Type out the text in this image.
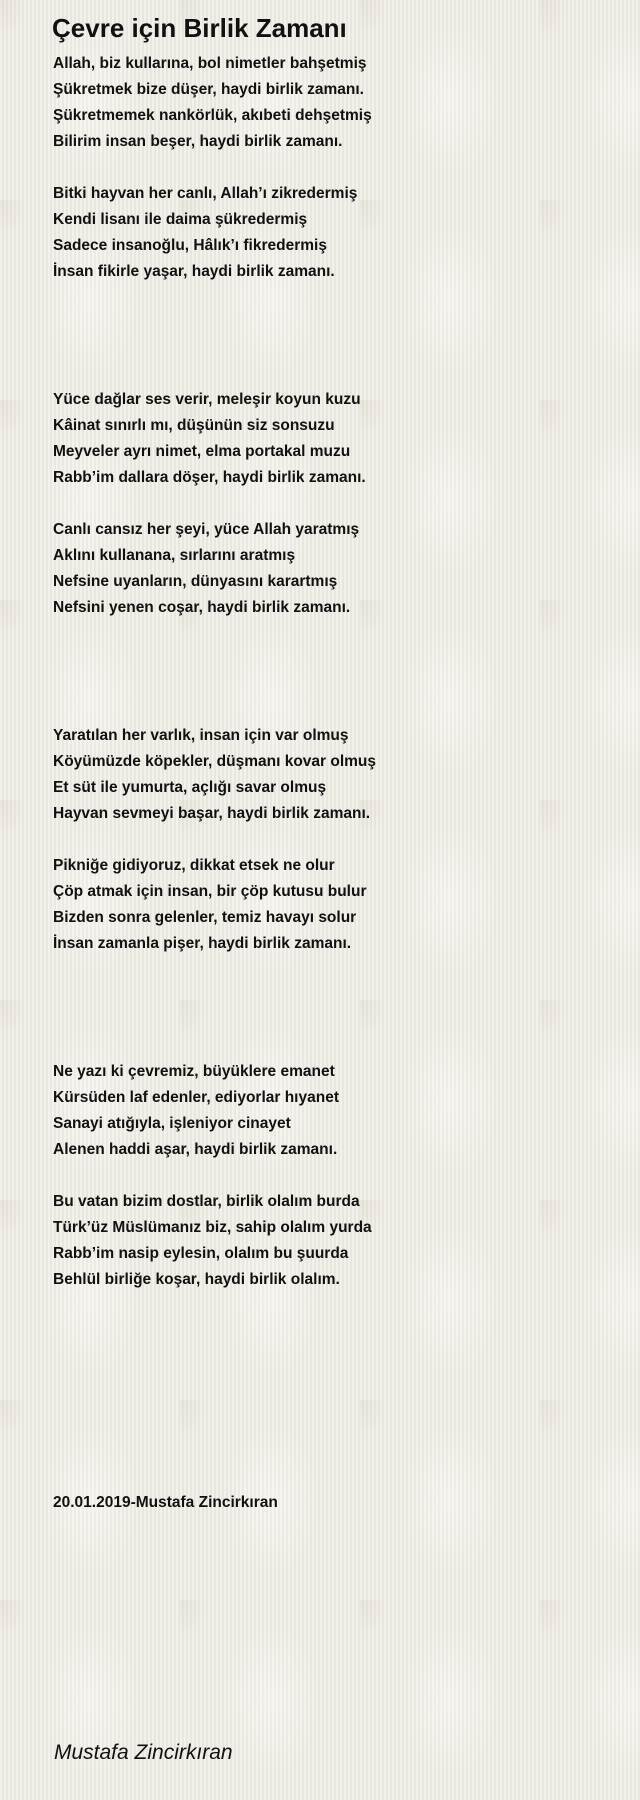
Çevre için Birlik Zamanı
Allah, biz kullarına, bol nimetler bahşetmiş
Şükretmek bize düşer, haydi birlik zamanı.
Şükretmemek nankörlük, akıbeti dehşetmiş
Bilirim insan beşer, haydi birlik zamanı.
Bitki hayvan her canlı, Allah’ı zikredermiş
Kendi lisanı ile daima şükredermiş
Sadece insanoğlu, Hâlık’ı fikredermiş
İnsan fikirle yaşar, haydi birlik zamanı.
Yüce dağlar ses verir, meleşir koyun kuzu
Kâinat sınırlı mı, düşünün siz sonsuzu
Meyveler ayrı nimet, elma portakal muzu
Rabb’im dallara döşer, haydi birlik zamanı.
Canlı cansız her şeyi, yüce Allah yaratmış
Aklını kullanana, sırlarını aratmış
Nefsine uyanların, dünyasını karartmış
Nefsini yenen coşar, haydi birlik zamanı.
Yaratılan her varlık, insan için var olmuş
Köyümüzde köpekler, düşmanı kovar olmuş
Et süt ile yumurta, açlığı savar olmuş
Hayvan sevmeyi başar, haydi birlik zamanı.
Pikniğe gidiyoruz, dikkat etsek ne olur
Çöp atmak için insan, bir çöp kutusu bulur
Bizden sonra gelenler, temiz havayı solur
İnsan zamanla pişer, haydi birlik zamanı.
Ne yazı ki çevremiz, büyüklere emanet
Kürsüden laf edenler, ediyorlar hıyanet
Sanayi atığıyla, işleniyor cinayet
Alenen haddi aşar, haydi birlik zamanı.
Bu vatan bizim dostlar, birlik olalım burda
Türk’üz Müslümanız biz, sahip olalım yurda
Rabb’im nasip eylesin, olalım bu şuurda
Behlül birliğe koşar, haydi birlik olalım.
20.01.2019-Mustafa Zincirkıran
Mustafa Zincirkıran
